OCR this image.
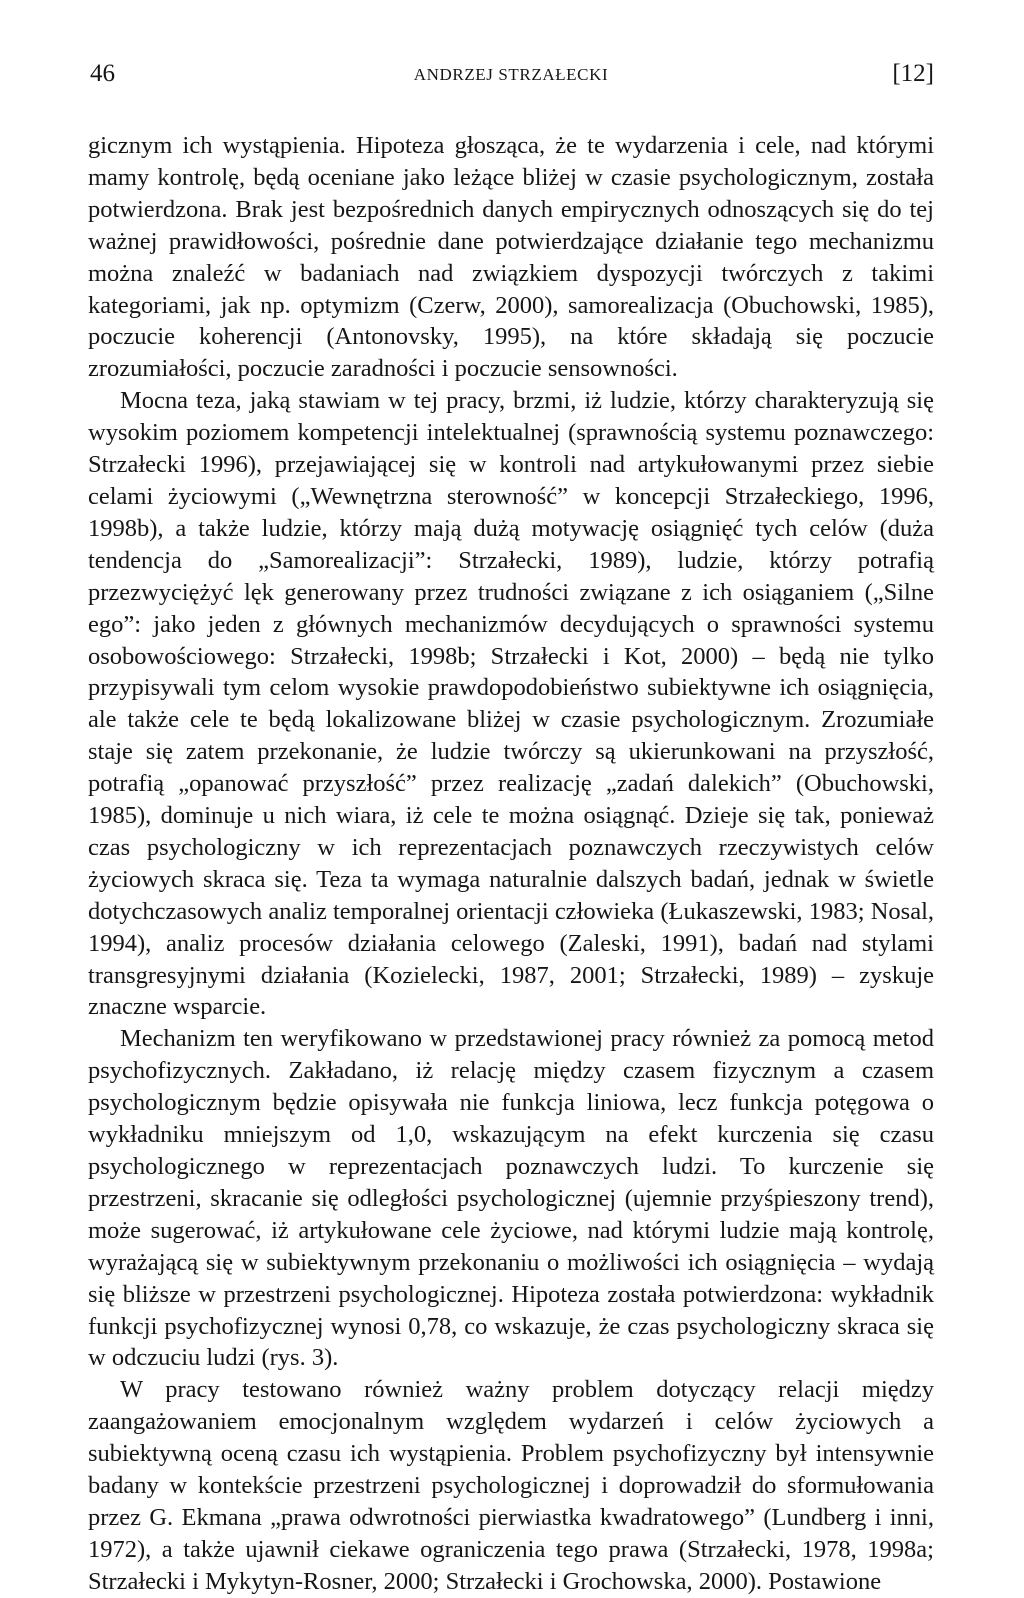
46	ANDRZEJ STRZAŁECKI	[12]

gicznym ich wystąpienia. Hipoteza głosząca, że te wydarzenia i cele, nad którymi mamy kontrolę, będą oceniane jako leżące bliżej w czasie psychologicznym, została potwierdzona. Brak jest bezpośrednich danych empirycznych odnoszących się do tej ważnej prawidłowości, pośrednie dane potwierdzające działanie tego mechanizmu można znaleźć w badaniach nad związkiem dyspozycji twórczych z takimi kategoriami, jak np. optymizm (Czerw, 2000), samorealizacja (Obuchowski, 1985), poczucie koherencji (Antonovsky, 1995), na które składają się poczucie zrozumiałości, poczucie zaradności i poczucie sensowności.

Mocna teza, jaką stawiam w tej pracy, brzmi, iż ludzie, którzy charakteryzują się wysokim poziomem kompetencji intelektualnej (sprawnością systemu poznawczego: Strzałecki 1996), przejawiającej się w kontroli nad artykułowanymi przez siebie celami życiowymi („Wewnętrzna sterowność” w koncepcji Strzałeckiego, 1996, 1998b), a także ludzie, którzy mają dużą motywację osiągnięć tych celów (duża tendencja do „Samorealizacji”: Strzałecki, 1989), ludzie, którzy potrafią przezwyciężyć lęk generowany przez trudności związane z ich osiąganiem („Silne ego”: jako jeden z głównych mechanizmów decydujących o sprawności systemu osobowościowego: Strzałecki, 1998b; Strzałecki i Kot, 2000) – będą nie tylko przypisywali tym celom wysokie prawdopodobieństwo subiektywne ich osiągnięcia, ale także cele te będą lokalizowane bliżej w czasie psychologicznym. Zrozumiałe staje się zatem przekonanie, że ludzie twórczy są ukierunkowani na przyszłość, potrafią „opanować przyszłość” przez realizację „zadań dalekich” (Obuchowski, 1985), dominuje u nich wiara, iż cele te można osiągnąć. Dzieje się tak, ponieważ czas psychologiczny w ich reprezentacjach poznawczych rzeczywistych celów życiowych skraca się. Teza ta wymaga naturalnie dalszych badań, jednak w świetle dotychczasowych analiz temporalnej orientacji człowieka (Łukaszewski, 1983; Nosal, 1994), analiz procesów działania celowego (Zaleski, 1991), badań nad stylami transgresyjnymi działania (Kozielecki, 1987, 2001; Strzałecki, 1989) – zyskuje znaczne wsparcie.

Mechanizm ten weryfikowano w przedstawionej pracy również za pomocą metod psychofizycznych. Zakładano, iż relację między czasem fizycznym a czasem psychologicznym będzie opisywała nie funkcja liniowa, lecz funkcja potęgowa o wykładniku mniejszym od 1,0, wskazującym na efekt kurczenia się czasu psychologicznego w reprezentacjach poznawczych ludzi. To kurczenie się przestrzeni, skracanie się odległości psychologicznej (ujemnie przyśpieszony trend), może sugerować, iż artykułowane cele życiowe, nad którymi ludzie mają kontrolę, wyrażającą się w subiektywnym przekonaniu o możliwości ich osiągnięcia – wydają się bliższe w przestrzeni psychologicznej. Hipoteza została potwierdzona: wykładnik funkcji psychofizycznej wynosi 0,78, co wskazuje, że czas psychologiczny skraca się w odczuciu ludzi (rys. 3).

W pracy testowano również ważny problem dotyczący relacji między zaangażowaniem emocjonalnym względem wydarzeń i celów życiowych a subiektywną oceną czasu ich wystąpienia. Problem psychofizyczny był intensywnie badany w kontekście przestrzeni psychologicznej i doprowadził do sformułowania przez G. Ekmana „prawa odwrotności pierwiastka kwadratowego” (Lundberg i inni, 1972), a także ujawnił ciekawe ograniczenia tego prawa (Strzałecki, 1978, 1998a; Strzałecki i Mykytyn-Rosner, 2000; Strzałecki i Grochowska, 2000). Postawione
